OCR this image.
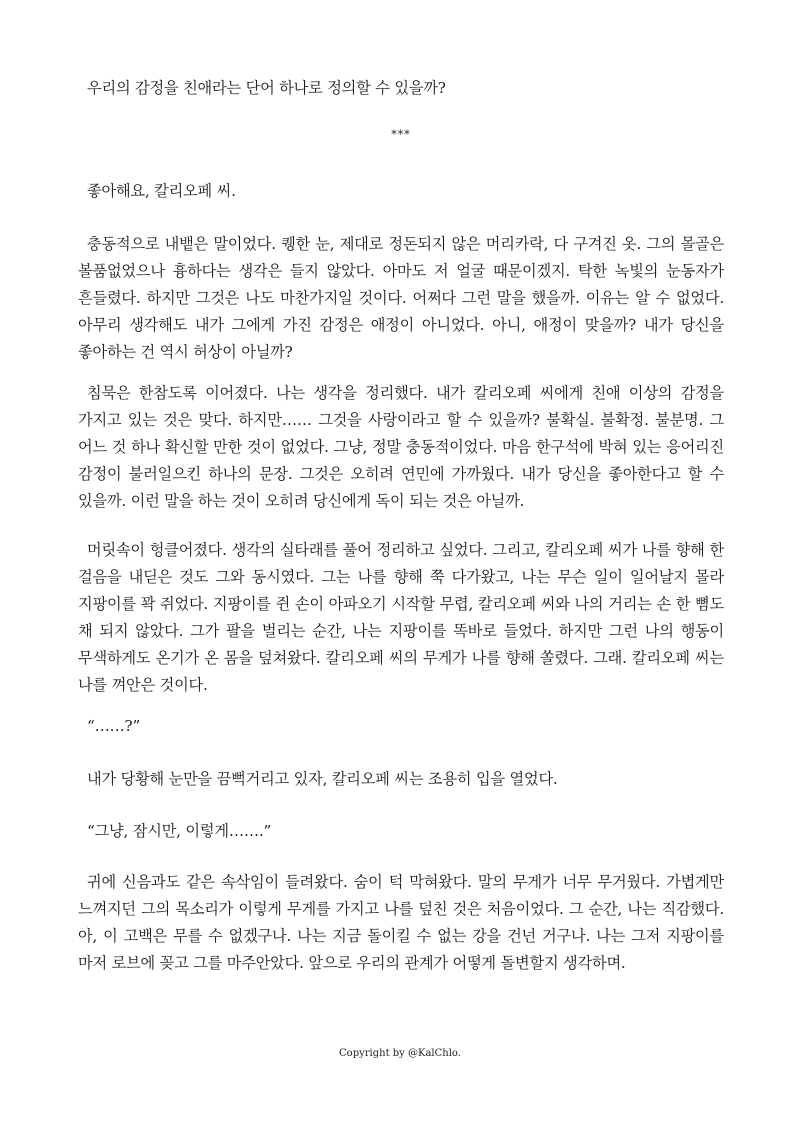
우리의 감정을 친애라는 단어 하나로 정의할 수 있을까?

***

좋아해요, 칼리오페 씨.

충동적으로 내뱉은 말이었다. 퀭한 눈, 제대로 정돈되지 않은 머리카락, 다 구겨진 옷. 그의 몰골은 볼품없었으나 흉하다는 생각은 들지 않았다. 아마도 저 얼굴 때문이겠지. 탁한 녹빛의 눈동자가 흔들렸다. 하지만 그것은 나도 마찬가지일 것이다. 어쩌다 그런 말을 했을까. 이유는 알 수 없었다. 아무리 생각해도 내가 그에게 가진 감정은 애정이 아니었다. 아니, 애정이 맞을까? 내가 당신을 좋아하는 건 역시 허상이 아닐까?

침묵은 한참도록 이어졌다. 나는 생각을 정리했다. 내가 칼리오페 씨에게 친애 이상의 감정을 가지고 있는 것은 맞다. 하지만…… 그것을 사랑이라고 할 수 있을까? 불확실. 불확정. 불분명. 그 어느 것 하나 확신할 만한 것이 없었다. 그냥, 정말 충동적이었다. 마음 한구석에 박혀 있는 응어리진 감정이 불러일으킨 하나의 문장. 그것은 오히려 연민에 가까웠다. 내가 당신을 좋아한다고 할 수 있을까. 이런 말을 하는 것이 오히려 당신에게 독이 되는 것은 아닐까.

머릿속이 헝클어졌다. 생각의 실타래를 풀어 정리하고 싶었다. 그리고, 칼리오페 씨가 나를 향해 한 걸음을 내딛은 것도 그와 동시였다. 그는 나를 향해 쭉 다가왔고, 나는 무슨 일이 일어날지 몰라 지팡이를 꽉 쥐었다. 지팡이를 쥔 손이 아파오기 시작할 무렵, 칼리오페 씨와 나의 거리는 손 한 뼘도 채 되지 않았다. 그가 팔을 벌리는 순간, 나는 지팡이를 똑바로 들었다. 하지만 그런 나의 행동이 무색하게도 온기가 온 몸을 덮쳐왔다. 칼리오페 씨의 무게가 나를 향해 쏠렸다. 그래. 칼리오페 씨는 나를 껴안은 것이다.

“……?”

내가 당황해 눈만을 끔뻑거리고 있자, 칼리오페 씨는 조용히 입을 열었다.

“그냥, 잠시만, 이렇게…….”

귀에 신음과도 같은 속삭임이 들려왔다. 숨이 턱 막혀왔다. 말의 무게가 너무 무거웠다. 가볍게만 느껴지던 그의 목소리가 이렇게 무게를 가지고 나를 덮친 것은 처음이었다. 그 순간, 나는 직감했다. 아, 이 고백은 무를 수 없겠구나. 나는 지금 돌이킬 수 없는 강을 건넌 거구나. 나는 그저 지팡이를 마저 로브에 꽂고 그를 마주안았다. 앞으로 우리의 관계가 어떻게 돌변할지 생각하며.

Copyright by @KalChlo.
